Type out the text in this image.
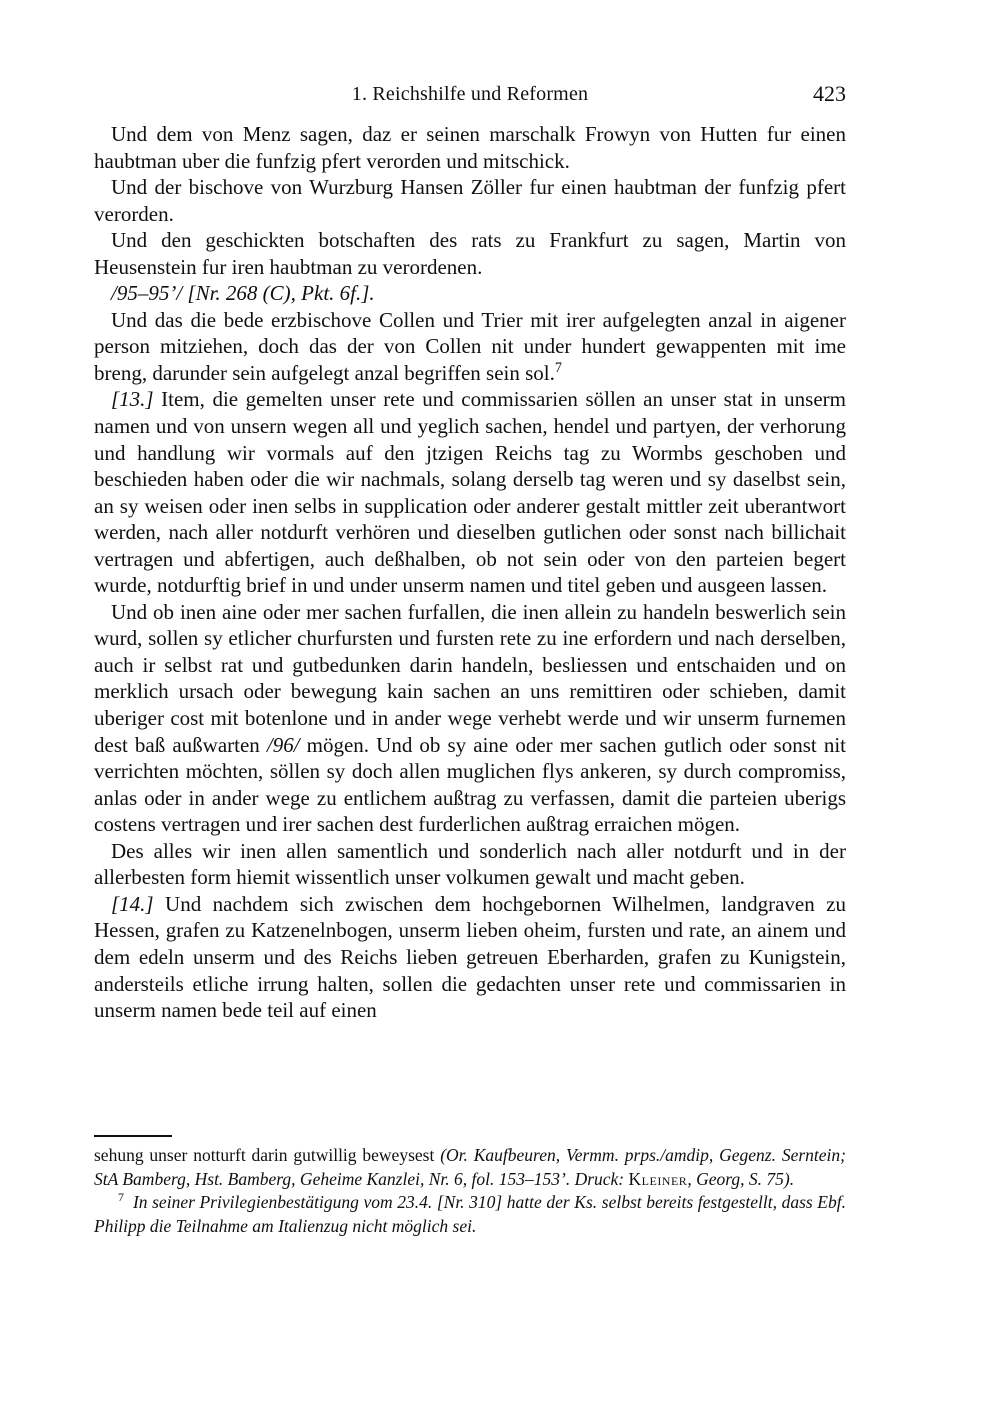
1. Reichshilfe und Reformen	423

Und dem von Menz sagen, daz er seinen marschalk Frowyn von Hutten fur einen haubtman uber die funfzig pfert verorden und mitschick.

Und der bischove von Wurzburg Hansen Zöller fur einen haubtman der funfzig pfert verorden.

Und den geschickten botschaften des rats zu Frankfurt zu sagen, Martin von Heusenstein fur iren haubtman zu verordenen.

/95–95’/ [Nr. 268 (C), Pkt. 6f.].

Und das die bede erzbischove Collen und Trier mit irer aufgelegten anzal in aigener person mitziehen, doch das der von Collen nit under hundert gewappenten mit ime breng, darunder sein aufgelegt anzal begriffen sein sol.$^7$

[13.] Item, die gemelten unser rete und commissarien söllen an unser stat in unserm namen und von unsern wegen all und yeglich sachen, hendel und partyen, der verhorung und handlung wir vormals auf den jtzigen Reichs tag zu Wormbs geschoben und beschieden haben oder die wir nachmals, solang derselb tag weren und sy daselbst sein, an sy weisen oder inen selbs in supplication oder anderer gestalt mittler zeit uberantwort werden, nach aller notdurft verhören und dieselben gutlichen oder sonst nach billichait vertragen und abfertigen, auch deßhalben, ob not sein oder von den parteien begert wurde, notdurftig brief in und under unserm namen und titel geben und ausgeen lassen.

Und ob inen aine oder mer sachen furfallen, die inen allein zu handeln beswerlich sein wurd, sollen sy etlicher churfursten und fursten rete zu ine erfordern und nach derselben, auch ir selbst rat und gutbedunken darin handeln, besliessen und entschaiden und on merklich ursach oder bewegung kain sachen an uns remittiren oder schieben, damit uberiger cost mit botenlone und in ander wege verhebt werde und wir unserm furnemen dest baß außwarten /96/ mögen. Und ob sy aine oder mer sachen gutlich oder sonst nit verrichten möchten, söllen sy doch allen muglichen flys ankeren, sy durch compromiss, anlas oder in ander wege zu entlichem außtrag zu verfassen, damit die parteien uberigs costens vertragen und irer sachen dest furderlichen außtrag erraichen mögen.

Des alles wir inen allen samentlich und sonderlich nach aller notdurft und in der allerbesten form hiemit wissentlich unser volkumen gewalt und macht geben.

[14.] Und nachdem sich zwischen dem hochgebornen Wilhelmen, landgraven zu Hessen, grafen zu Katzenelnbogen, unserm lieben oheim, fursten und rate, an ainem und dem edeln unserm und des Reichs lieben getreuen Eberharden, grafen zu Kunigstein, andersteils etliche irrung halten, sollen die gedachten unser rete und commissarien in unserm namen bede teil auf einen

sehung unser notturft darin gutwillig beweysest (Or. Kaufbeuren, Vermm. prps./amdip, Gegenz. Serntein; StA Bamberg, Hst. Bamberg, Geheime Kanzlei, Nr. 6, fol. 153–153’. Druck: Kleiner, Georg, S. 75).

$^7$ In seiner Privilegienbestätigung vom 23.4. [Nr. 310] hatte der Ks. selbst bereits festgestellt, dass Ebf. Philipp die Teilnahme am Italienzug nicht möglich sei.
